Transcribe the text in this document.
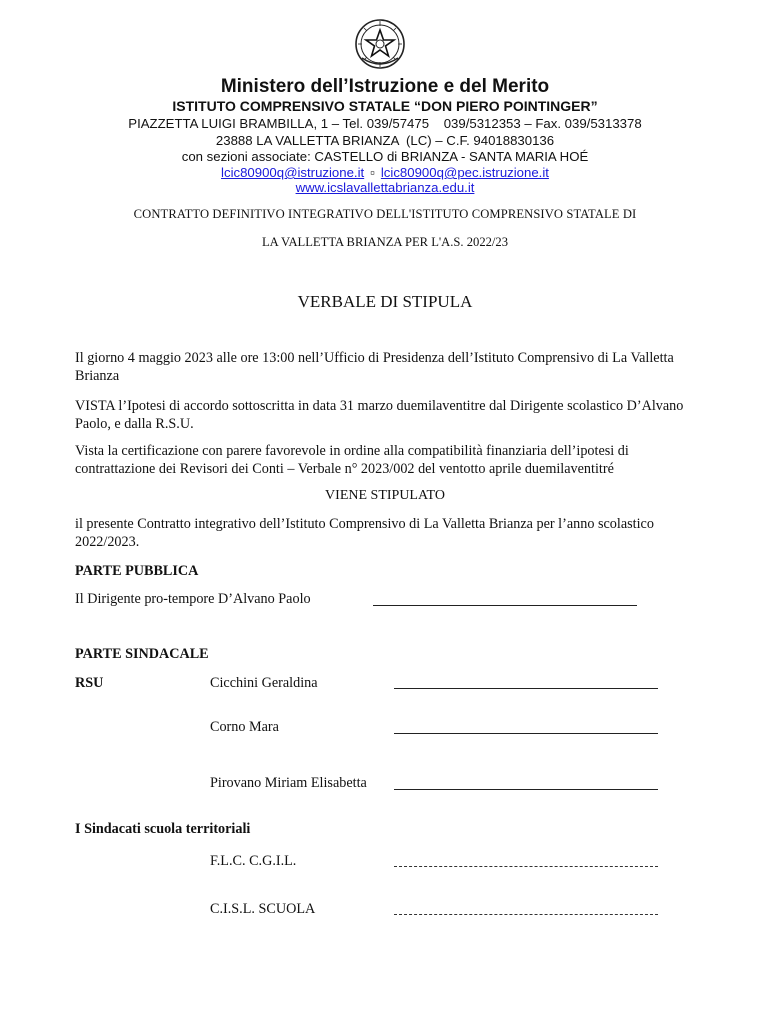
Ministero dell’Istruzione e del Merito
ISTITUTO COMPRENSIVO STATALE “DON PIERO POINTINGER”
PIAZZETTA LUIGI BRAMBILLA, 1 – Tel. 039/57475    039/5312353 – Fax. 039/5313378
23888 LA VALLETTA BRIANZA  (LC) – C.F. 94018830136
con sezioni associate: CASTELLO di BRIANZA - SANTA MARIA HOÉ
lcic80900q@istruzione.it ▫ lcic80900q@pec.istruzione.it
www.icslavallettabrianza.edu.it
CONTRATTO DEFINITIVO INTEGRATIVO DELL'ISTITUTO COMPRENSIVO STATALE DI
LA VALLETTA BRIANZA PER L'A.S. 2022/23
VERBALE DI STIPULA
Il giorno 4 maggio 2023 alle ore 13:00 nell’Ufficio di Presidenza dell’Istituto Comprensivo di La Valletta Brianza
VISTA l’Ipotesi di accordo sottoscritta in data 31 marzo duemilaventitre dal Dirigente scolastico D’Alvano Paolo, e dalla R.S.U.
Vista la certificazione con parere favorevole in ordine alla compatibilità finanziaria dell’ipotesi di contrattazione dei Revisori dei Conti – Verbale n° 2023/002 del ventotto aprile duemilaventitré
VIENE STIPULATO
il presente Contratto integrativo dell’Istituto Comprensivo di La Valletta Brianza per l’anno scolastico 2022/2023.
PARTE PUBBLICA
Il Dirigente pro-tempore D’Alvano Paolo
PARTE SINDACALE
RSU	Cicchini Geraldina
Corno Mara
Pirovano Miriam Elisabetta
I Sindacati scuola territoriali
F.L.C. C.G.I.L.
C.I.S.L. SCUOLA
